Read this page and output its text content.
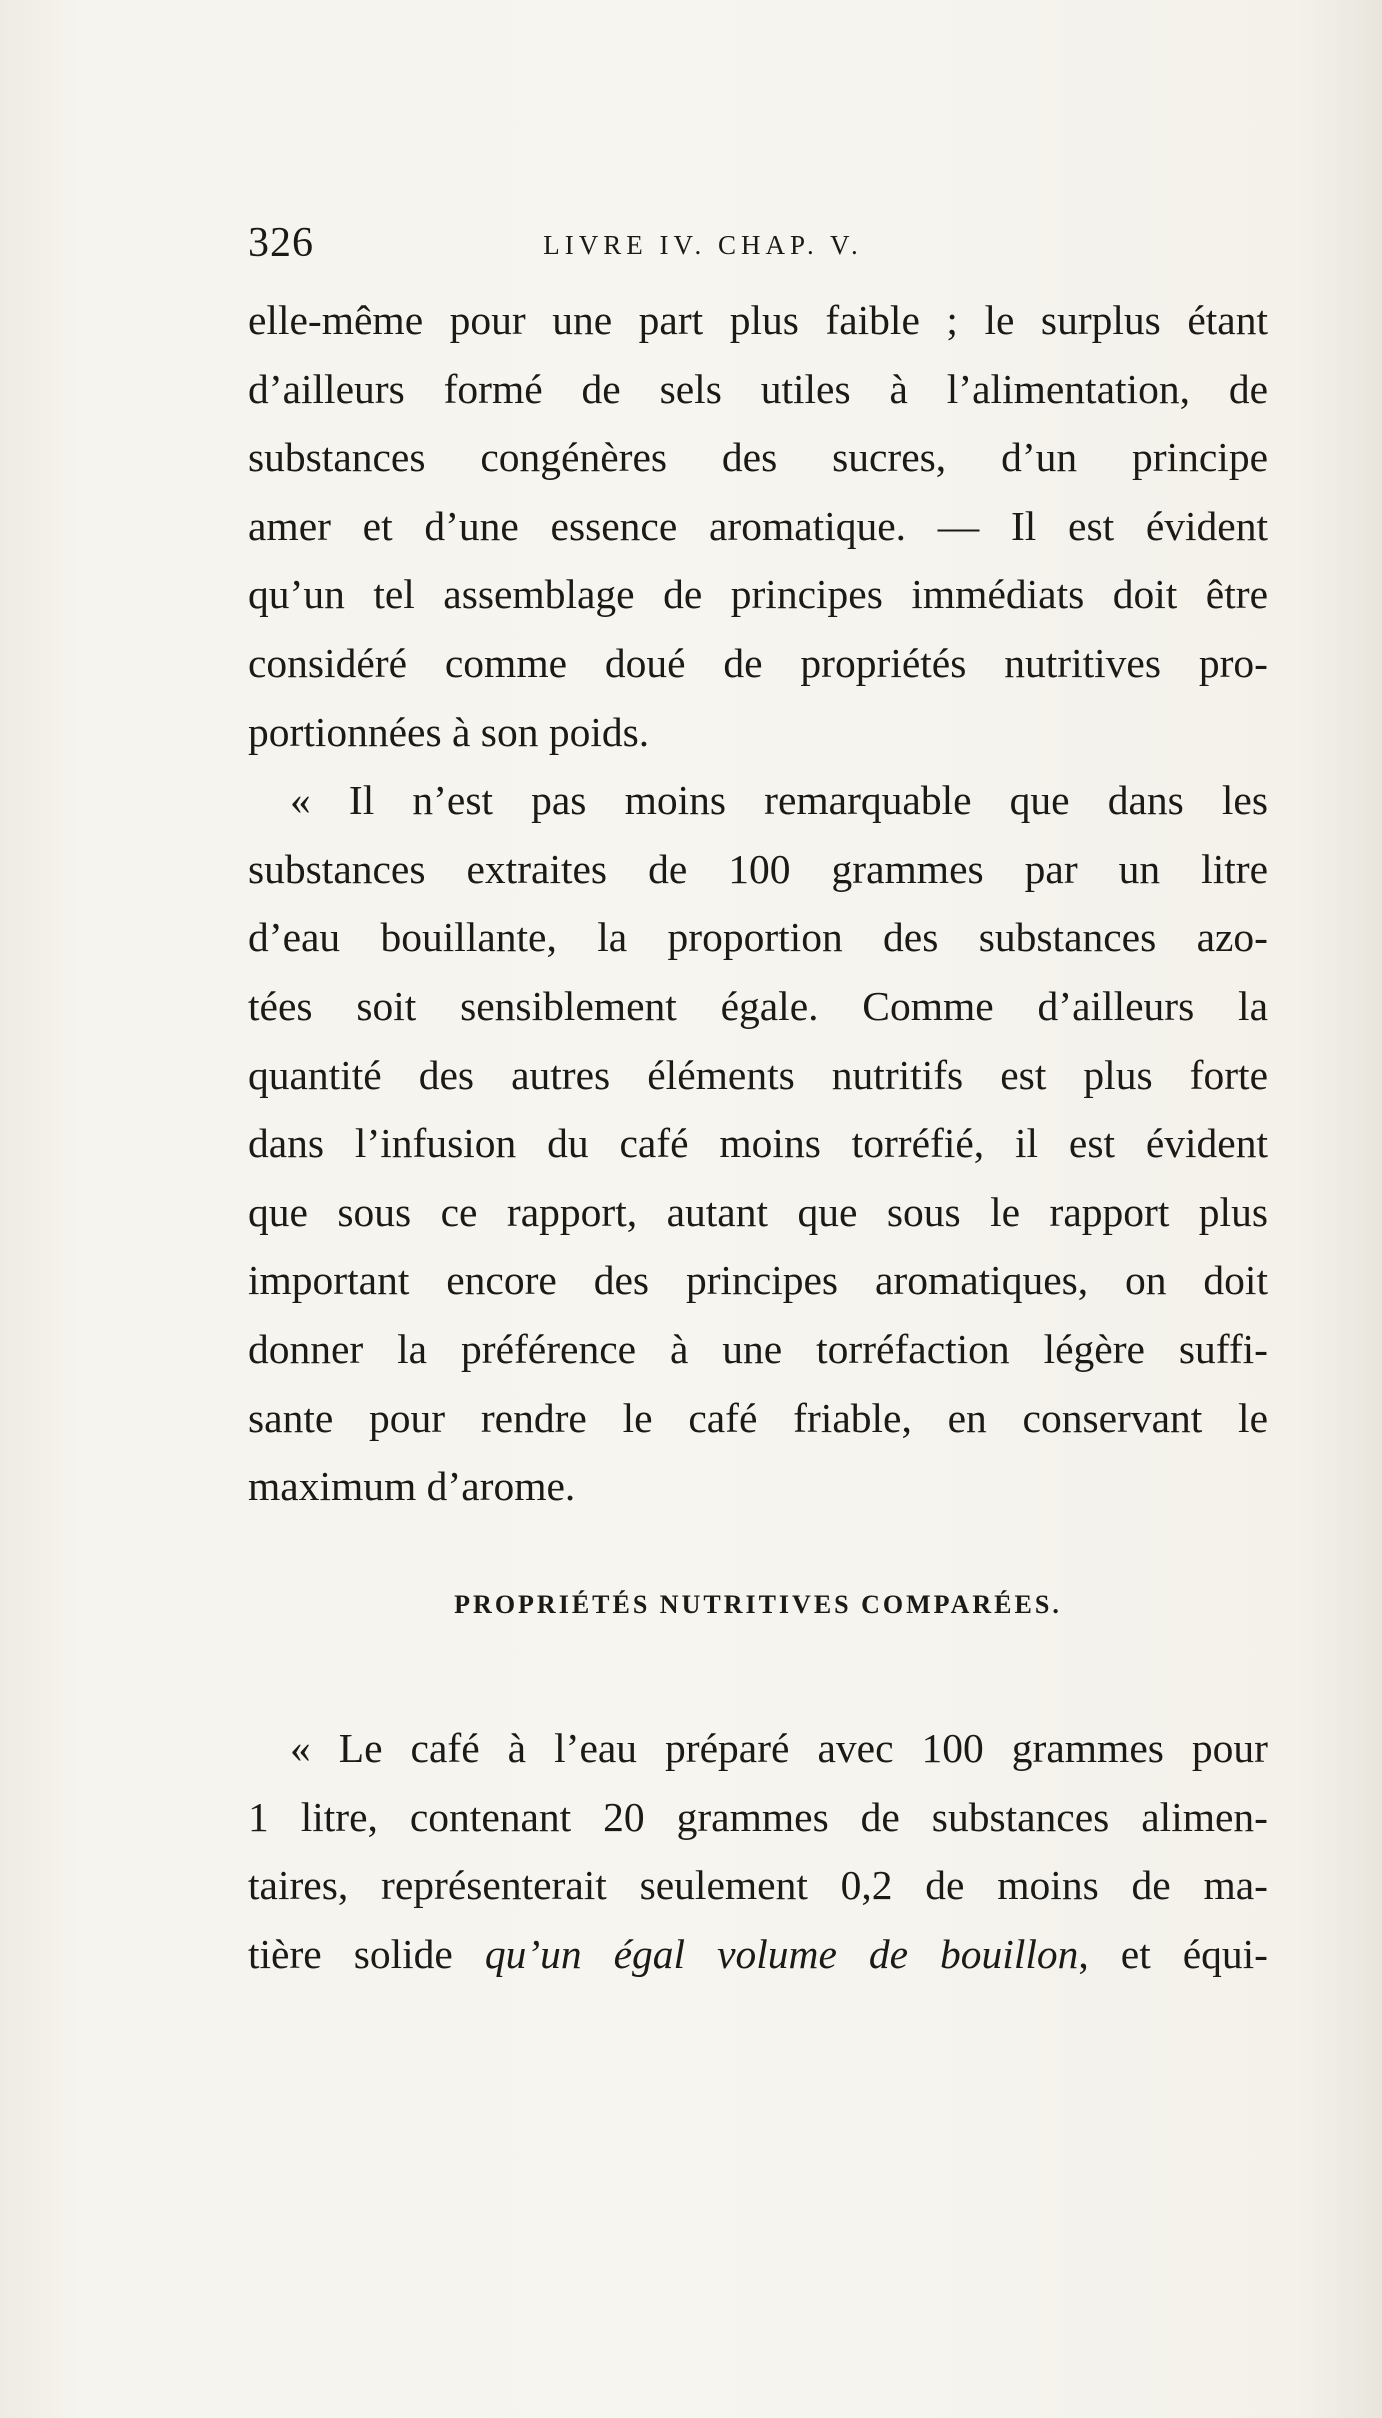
326	LIVRE IV. CHAP. V.
elle-même pour une part plus faible ; le surplus étant
d’ailleurs formé de sels utiles à l’alimentation, de
substances congénères des sucres, d’un principe
amer et d’une essence aromatique. — Il est évident
qu’un tel assemblage de principes immédiats doit être
considéré comme doué de propriétés nutritives pro-
portionnées à son poids.
« Il n’est pas moins remarquable que dans les
substances extraites de 100 grammes par un litre
d’eau bouillante, la proportion des substances azo-
tées soit sensiblement égale. Comme d’ailleurs la
quantité des autres éléments nutritifs est plus forte
dans l’infusion du café moins torréfié, il est évident
que sous ce rapport, autant que sous le rapport plus
important encore des principes aromatiques, on doit
donner la préférence à une torréfaction légère suffi-
sante pour rendre le café friable, en conservant le
maximum d’arome.
PROPRIÉTÉS NUTRITIVES COMPARÉES.
« Le café à l’eau préparé avec 100 grammes pour
1 litre, contenant 20 grammes de substances alimen-
taires, représenterait seulement 0,2 de moins de ma-
tière solide qu’un égal volume de bouillon, et équi-
